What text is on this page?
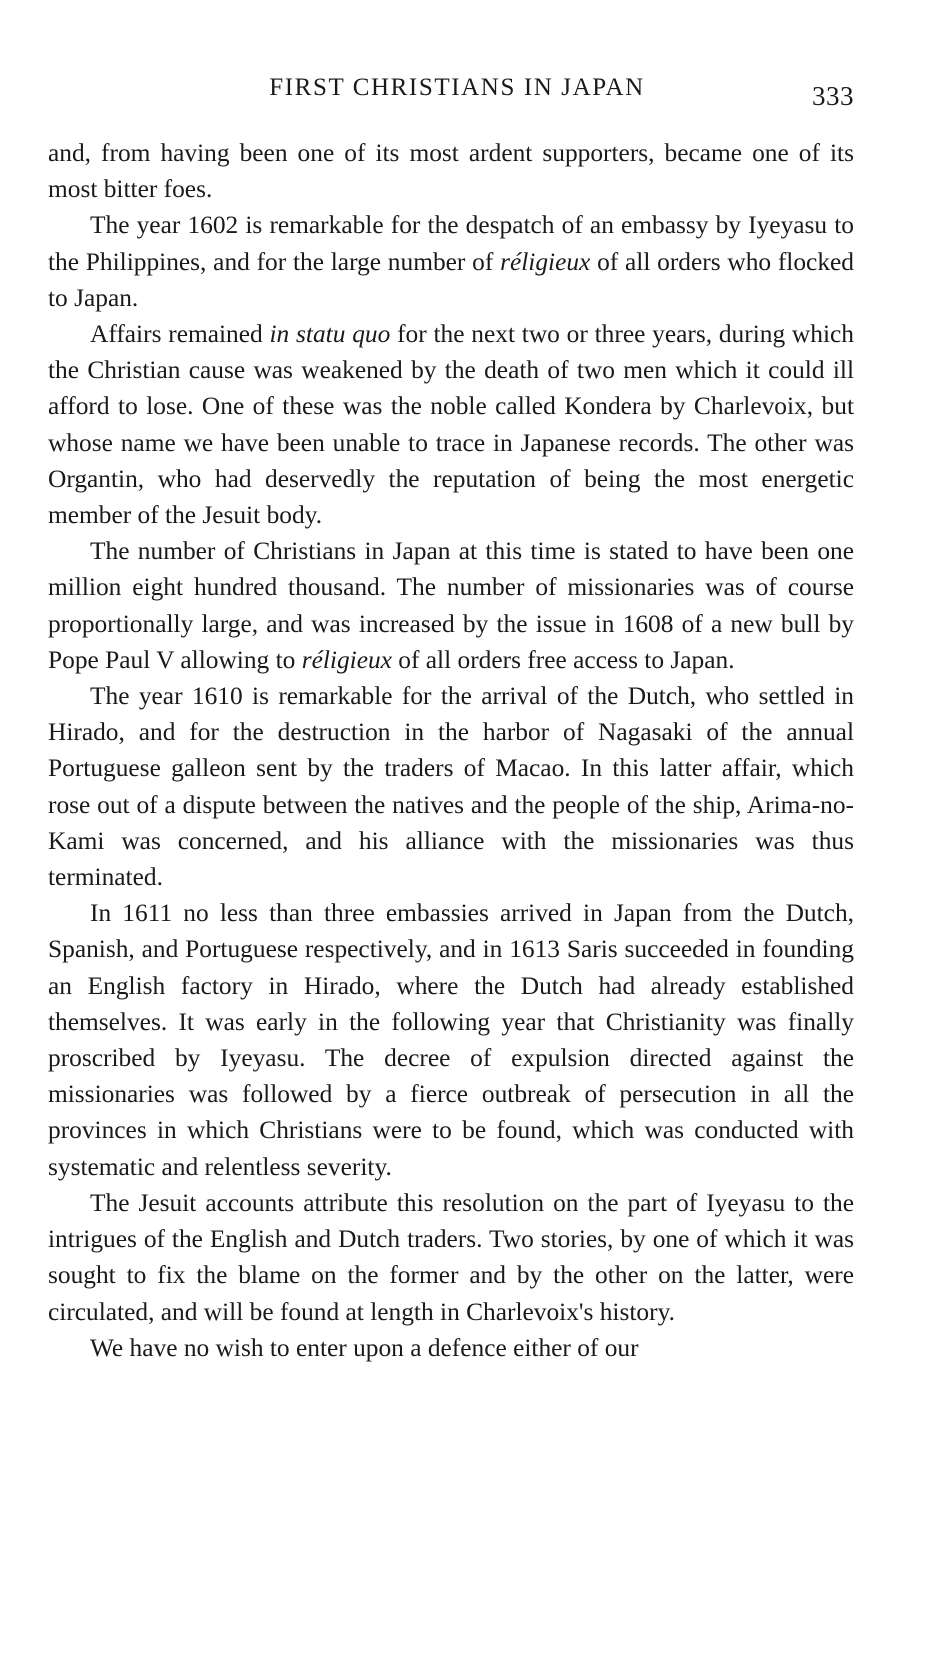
FIRST CHRISTIANS IN JAPAN	333

and, from having been one of its most ardent supporters, became one of its most bitter foes.

The year 1602 is remarkable for the despatch of an embassy by Iyeyasu to the Philippines, and for the large number of réligieux of all orders who flocked to Japan.

Affairs remained in statu quo for the next two or three years, during which the Christian cause was weakened by the death of two men which it could ill afford to lose. One of these was the noble called Kondera by Charlevoix, but whose name we have been unable to trace in Japanese records. The other was Organtin, who had deservedly the reputation of being the most energetic member of the Jesuit body.

The number of Christians in Japan at this time is stated to have been one million eight hundred thousand. The number of missionaries was of course proportionally large, and was increased by the issue in 1608 of a new bull by Pope Paul V allowing to réligieux of all orders free access to Japan.

The year 1610 is remarkable for the arrival of the Dutch, who settled in Hirado, and for the destruction in the harbor of Nagasaki of the annual Portuguese galleon sent by the traders of Macao. In this latter affair, which rose out of a dispute between the natives and the people of the ship, Arima-no-Kami was concerned, and his alliance with the missionaries was thus terminated.

In 1611 no less than three embassies arrived in Japan from the Dutch, Spanish, and Portuguese respectively, and in 1613 Saris succeeded in founding an English factory in Hirado, where the Dutch had already established themselves. It was early in the following year that Christianity was finally proscribed by Iyeyasu. The decree of expulsion directed against the missionaries was followed by a fierce outbreak of persecution in all the provinces in which Christians were to be found, which was conducted with systematic and relentless severity.

The Jesuit accounts attribute this resolution on the part of Iyeyasu to the intrigues of the English and Dutch traders. Two stories, by one of which it was sought to fix the blame on the former and by the other on the latter, were circulated, and will be found at length in Charlevoix's history.

We have no wish to enter upon a defence either of our
